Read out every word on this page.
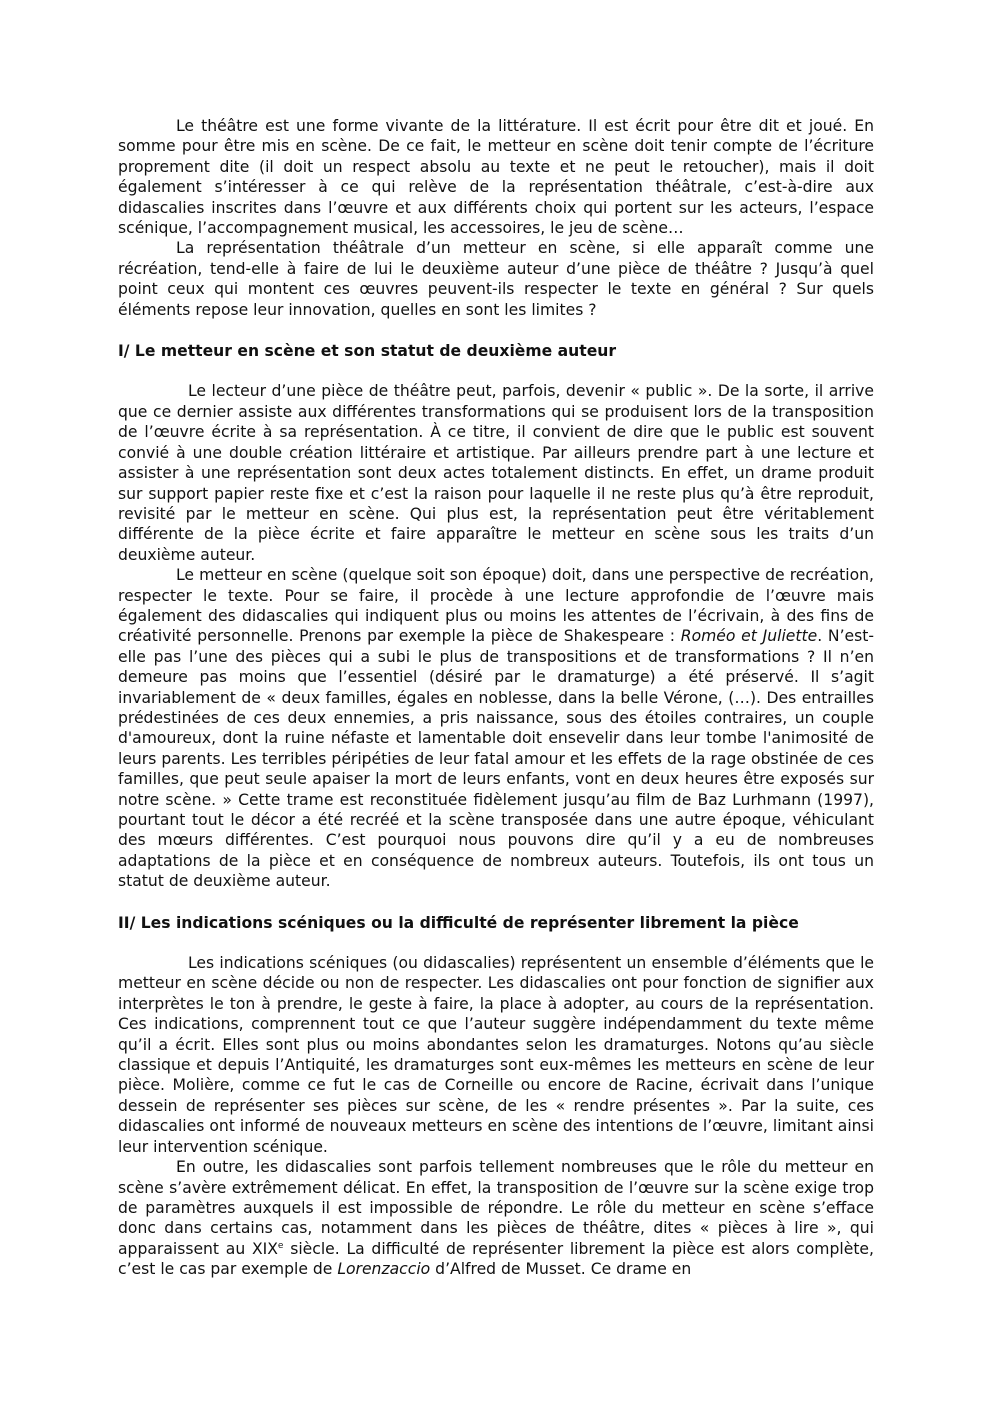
Le théâtre est une forme vivante de la littérature. Il est écrit pour être dit et joué. En somme pour être mis en scène. De ce fait, le metteur en scène doit tenir compte de l’écriture proprement dite (il doit un respect absolu au texte et ne peut le retoucher), mais il doit également s’intéresser à ce qui relève de la représentation théâtrale, c’est-à-dire aux didascalies inscrites dans l’œuvre et aux différents choix qui portent sur les acteurs, l’espace scénique, l’accompagnement musical, les accessoires, le jeu de scène…

La représentation théâtrale d’un metteur en scène, si elle apparaît comme une récréation, tend-elle à faire de lui le deuxième auteur d’une pièce de théâtre ? Jusqu’à quel point ceux qui montent ces œuvres peuvent-ils respecter le texte en général ? Sur quels éléments repose leur innovation, quelles en sont les limites ?

I/ Le metteur en scène et son statut de deuxième auteur

Le lecteur d’une pièce de théâtre peut, parfois, devenir « public ». De la sorte, il arrive que ce dernier assiste aux différentes transformations qui se produisent lors de la transposition de l’œuvre écrite à sa représentation. À ce titre, il convient de dire que le public est souvent convié à une double création littéraire et artistique. Par ailleurs prendre part à une lecture et assister à une représentation sont deux actes totalement distincts. En effet, un drame produit sur support papier reste fixe et c’est la raison pour laquelle il ne reste plus qu’à être reproduit, revisité par le metteur en scène. Qui plus est, la représentation peut être véritablement différente de la pièce écrite et faire apparaître le metteur en scène sous les traits d’un deuxième auteur.

Le metteur en scène (quelque soit son époque) doit, dans une perspective de recréation, respecter le texte. Pour se faire, il procède à une lecture approfondie de l’œuvre mais également des didascalies qui indiquent plus ou moins les attentes de l’écrivain, à des fins de créativité personnelle. Prenons par exemple la pièce de Shakespeare : Roméo et Juliette. N’est-elle pas l’une des pièces qui a subi le plus de transpositions et de transformations ? Il n’en demeure pas moins que l’essentiel (désiré par le dramaturge) a été préservé. Il s’agit invariablement de « deux familles, égales en noblesse, dans la belle Vérone, (…). Des entrailles prédestinées de ces deux ennemies, a pris naissance, sous des étoiles contraires, un couple d'amoureux, dont la ruine néfaste et lamentable doit ensevelir dans leur tombe l'animosité de leurs parents. Les terribles péripéties de leur fatal amour et les effets de la rage obstinée de ces familles, que peut seule apaiser la mort de leurs enfants, vont en deux heures être exposés sur notre scène. » Cette trame est reconstituée fidèlement jusqu’au film de Baz Lurhmann (1997), pourtant tout le décor a été recréé et la scène transposée dans une autre époque, véhiculant des mœurs différentes. C’est pourquoi nous pouvons dire qu’il y a eu de nombreuses adaptations de la pièce et en conséquence de nombreux auteurs. Toutefois, ils ont tous un statut de deuxième auteur.

II/ Les indications scéniques ou la difficulté de représenter librement la pièce

Les indications scéniques (ou didascalies) représentent un ensemble d’éléments que le metteur en scène décide ou non de respecter. Les didascalies ont pour fonction de signifier aux interprètes le ton à prendre, le geste à faire, la place à adopter, au cours de la représentation. Ces indications, comprennent tout ce que l’auteur suggère indépendamment du texte même qu’il a écrit. Elles sont plus ou moins abondantes selon les dramaturges. Notons qu’au siècle classique et depuis l’Antiquité, les dramaturges sont eux-mêmes les metteurs en scène de leur pièce. Molière, comme ce fut le cas de Corneille ou encore de Racine, écrivait dans l’unique dessein de représenter ses pièces sur scène, de les « rendre présentes ». Par la suite, ces didascalies ont informé de nouveaux metteurs en scène des intentions de l’œuvre, limitant ainsi leur intervention scénique.

En outre, les didascalies sont parfois tellement nombreuses que le rôle du metteur en scène s’avère extrêmement délicat. En effet, la transposition de l’œuvre sur la scène exige trop de paramètres auxquels il est impossible de répondre. Le rôle du metteur en scène s’efface donc dans certains cas, notamment dans les pièces de théâtre, dites « pièces à lire », qui apparaissent au XIXe siècle. La difficulté de représenter librement la pièce est alors complète, c’est le cas par exemple de Lorenzaccio d’Alfred de Musset. Ce drame en
